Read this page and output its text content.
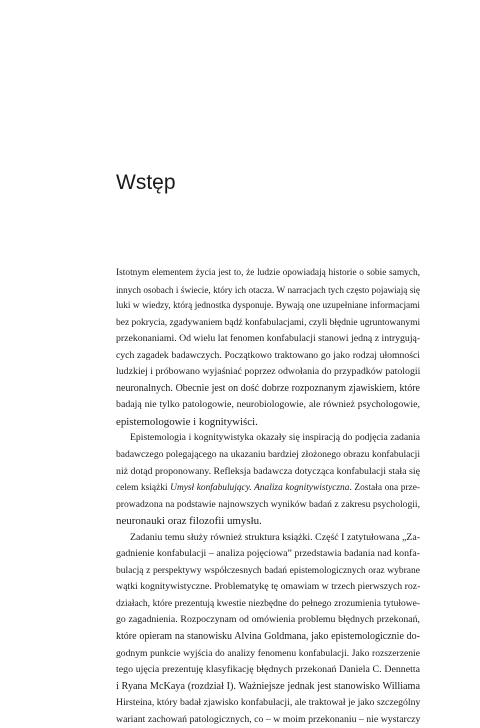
Wstęp
Istotnym elementem życia jest to, że ludzie opowiadają historie o sobie samych,
innych osobach i świecie, który ich otacza. W narracjach tych często pojawiają się
luki w wiedzy, którą jednostka dysponuje. Bywają one uzupełniane informacjami
bez pokrycia, zgadywaniem bądź konfabulacjami, czyli błędnie ugruntowanymi
przekonaniami. Od wielu lat fenomen konfabulacji stanowi jedną z intrygują-
cych zagadek badawczych. Początkowo traktowano go jako rodzaj ułomności
ludzkiej i próbowano wyjaśniać poprzez odwołania do przypadków patologii
neuronalnych. Obecnie jest on dość dobrze rozpoznanym zjawiskiem, które
badają nie tylko patologowie, neurobiologowie, ale również psychologowie,
epistemologowie i kognitywiści.
Epistemologia i kognitywistyka okazały się inspiracją do podjęcia zadania
badawczego polegającego na ukazaniu bardziej złożonego obrazu konfabulacji
niż dotąd proponowany. Refleksja badawcza dotycząca konfabulacji stała się
celem książki Umysł konfabulujący. Analiza kognitywistyczna. Została ona prze-
prowadzona na podstawie najnowszych wyników badań z zakresu psychologii,
neuronauki oraz filozofii umysłu.
Zadaniu temu służy również struktura książki. Część I zatytułowana „Za-
gadnienie konfabulacji – analiza pojęciowa” przedstawia badania nad konfa-
bulacją z perspektywy współczesnych badań epistemologicznych oraz wybrane
wątki kognitywistyczne. Problematykę tę omawiam w trzech pierwszych roz-
działach, które prezentują kwestie niezbędne do pełnego zrozumienia tytułowe-
go zagadnienia. Rozpoczynam od omówienia problemu błędnych przekonań,
które opieram na stanowisku Alvina Goldmana, jako epistemologicznie do-
godnym punkcie wyjścia do analizy fenomenu konfabulacji. Jako rozszerzenie
tego ujęcia prezentuję klasyfikację błędnych przekonań Daniela C. Dennetta
i Ryana McKaya (rozdział I). Ważniejsze jednak jest stanowisko Williama
Hirsteina, który badał zjawisko konfabulacji, ale traktował je jako szczególny
wariant zachowań patologicznych, co – w moim przekonaniu – nie wystarczy
